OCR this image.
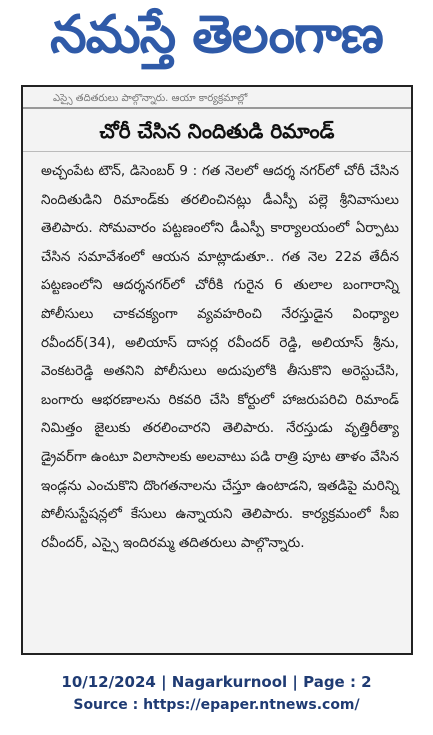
నమస్తే తెలంగాణ
ఎస్సై తదితరులు పాల్గొన్నారు. ఆయా కార్యక్రమాల్లో
చోరీ చేసిన నిందితుడి రిమాండ్

అచ్చంపేట టౌన్, డిసెంబర్ 9 : గత నెలలో ఆదర్శ నగర్‌లో చోరీ చేసిన నిందితుడిని రిమాండ్‌కు తరలించినట్లు డీఎస్పీ పల్లె శ్రీనివాసులు తెలిపారు. సోమవారం పట్టణంలోని డీఎస్పీ కార్యాలయంలో ఏర్పాటు చేసిన సమావేశంలో ఆయన మాట్లాడుతూ.. గత నెల 22వ తేదీన పట్టణంలోని ఆదర్శనగర్‌లో చోరీకి గురైన 6 తులాల బంగారాన్ని పోలీసులు చాకచక్యంగా వ్యవహరించి నేరస్తుడైన వింధ్యాల రవీందర్(34), అలియాస్ దాసర్ల రవీందర్ రెడ్డి, అలియాస్ శ్రీను, వెంకటరెడ్డి అతనిని పోలీసులు అదుపులోకి తీసుకొని అరెస్టుచేసి, బంగారు ఆభరణాలను రికవరి చేసి కోర్టులో హాజరుపరిచి రిమాండ్ నిమిత్తం జైలుకు తరలించారని తెలిపారు. నేరస్తుడు వృత్తిరీత్యా డ్రైవర్‌గా ఉంటూ విలాసాలకు అలవాటు పడి రాత్రి పూట తాళం వేసిన ఇండ్లను ఎంచుకొని దొంగతనాలను చేస్తూ ఉంటాడని, ఇతడిపై మరిన్ని పోలీసుస్టేషన్లలో కేసులు ఉన్నాయని తెలిపారు. కార్యక్రమంలో సీఐ రవీందర్, ఎస్సై ఇందిరమ్మ తదితరులు పాల్గొన్నారు.

10/12/2024 | Nagarkurnool | Page : 2
Source : https://epaper.ntnews.com/
